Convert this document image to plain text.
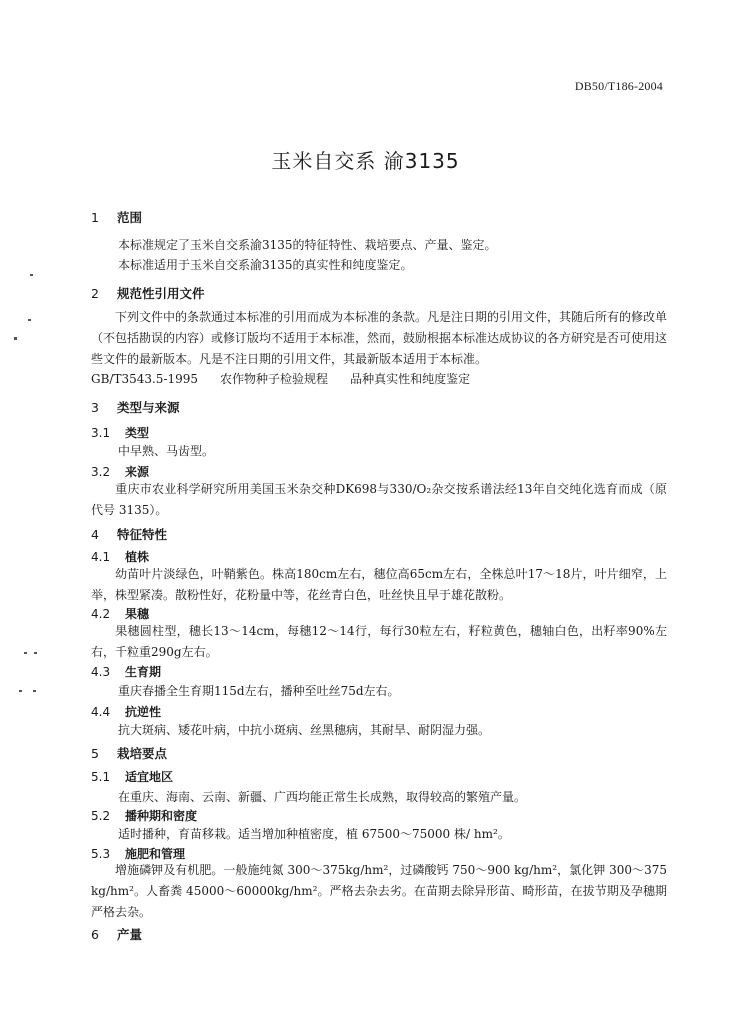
DB50/T186-2004
玉米自交系 渝3135
1 范围
本标准规定了玉米自交系渝3135的特征特性、栽培要点、产量、鉴定。
本标准适用于玉米自交系渝3135的真实性和纯度鉴定。
2 规范性引用文件
下列文件中的条款通过本标准的引用而成为本标准的条款。凡是注日期的引用文件，其随后所有的修改单（不包括勘误的内容）或修订版均不适用于本标准，然而，鼓励根据本标准达成协议的各方研究是否可使用这些文件的最新版本。凡是不注日期的引用文件，其最新版本适用于本标准。
GB/T3543.5-1995 农作物种子检验规程 品种真实性和纯度鉴定
3 类型与来源
3.1 类型
中早熟、马齿型。
3.2 来源
重庆市农业科学研究所用美国玉米杂交种DK698与330/O₂杂交按系谱法经13年自交纯化选育而成（原代号 3135）。
4 特征特性
4.1 植株
幼苗叶片淡绿色，叶鞘紫色。株高180cm左右，穗位高65cm左右，全株总叶17～18片，叶片细窄，上举，株型紧凑。散粉性好，花粉量中等，花丝青白色，吐丝快且早于雄花散粉。
4.2 果穗
果穗圆柱型，穗长13～14cm，每穗12～14行，每行30粒左右，籽粒黄色，穗轴白色，出籽率90%左右，千粒重290g左右。
4.3 生育期
重庆春播全生育期115d左右，播种至吐丝75d左右。
4.4 抗逆性
抗大斑病、矮花叶病，中抗小斑病、丝黑穗病，其耐旱、耐阴湿力强。
5 栽培要点
5.1 适宜地区
在重庆、海南、云南、新疆、广西均能正常生长成熟，取得较高的繁殖产量。
5.2 播种期和密度
适时播种，育苗移栽。适当增加种植密度，植 67500～75000 株/ hm²。
5.3 施肥和管理
增施磷钾及有机肥。一般施纯氮 300～375kg/hm²，过磷酸钙 750～900 kg/hm²，氯化钾 300～375 kg/hm²。人畜粪 45000～60000kg/hm²。严格去杂去劣。在苗期去除异形苗、畸形苗，在拔节期及孕穗期严格去杂。
6 产量
